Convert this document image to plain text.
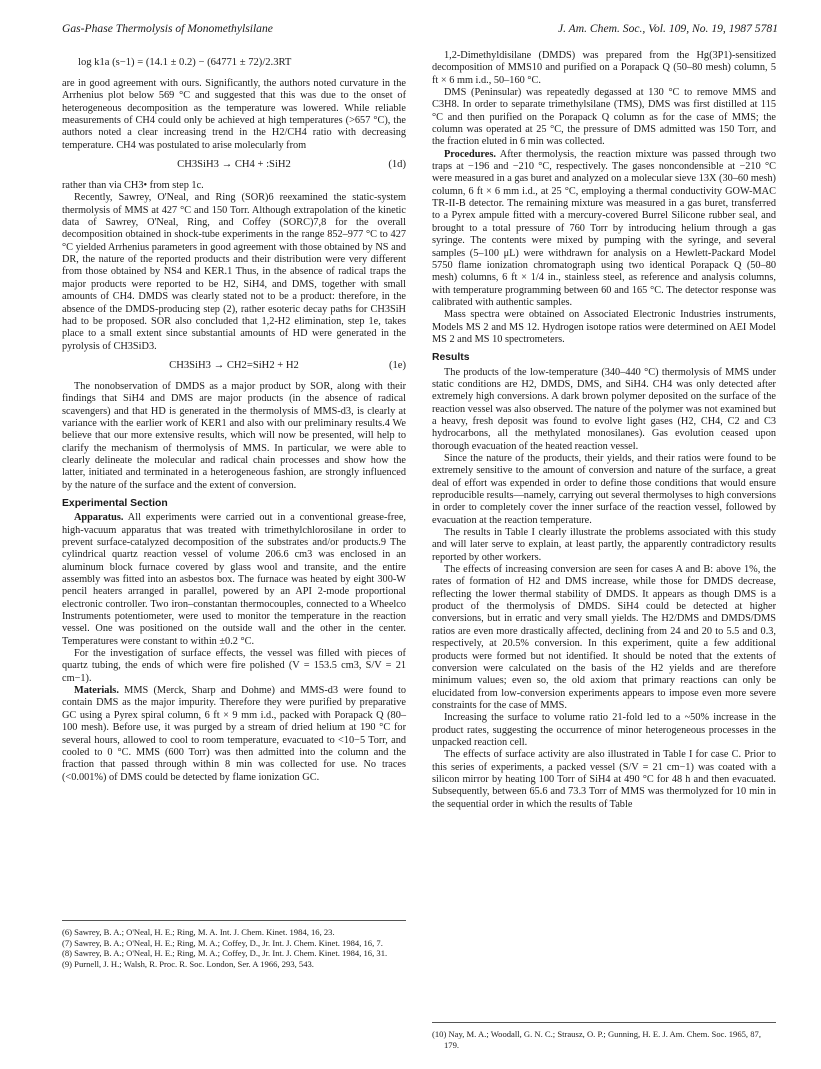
Gas-Phase Thermolysis of Monomethylsilane	J. Am. Chem. Soc., Vol. 109, No. 19, 1987 5781
log k1a (s−1) = (14.1 ± 0.2) − (64771 ± 72)/2.3RT

are in good agreement with ours. Significantly, the authors noted curvature in the Arrhenius plot below 569 °C and suggested that this was due to the onset of heterogeneous decomposition as the temperature was lowered. While reliable measurements of CH4 could only be achieved at high temperatures (>657 °C), the authors noted a clear increasing trend in the H2/CH4 ratio with decreasing temperature. CH4 was postulated to arise molecularly from

CH3SiH3 → CH4 + :SiH2	(1d)

rather than via CH3• from step 1c.

Recently, Sawrey, O'Neal, and Ring (SOR)6 reexamined the static-system thermolysis of MMS at 427 °C and 150 Torr. Although extrapolation of the kinetic data of Sawrey, O'Neal, Ring, and Coffey (SORC)7,8 for the overall decomposition obtained in shock-tube experiments in the range 852–977 °C to 427 °C yielded Arrhenius parameters in good agreement with those obtained by NS and DR, the nature of the reported products and their distribution were very different from those obtained by NS4 and KER.1 Thus, in the absence of radical traps the major products were reported to be H2, SiH4, and DMS, together with small amounts of CH4. DMDS was clearly stated not to be a product: therefore, in the absence of the DMDS-producing step (2), rather esoteric decay paths for CH3SiH had to be proposed. SOR also concluded that 1,2-H2 elimination, step 1e, takes place to a small extent since substantial amounts of HD were generated in the pyrolysis of CH3SiD3.

CH3SiH3 → CH2=SiH2 + H2	(1e)

The nonobservation of DMDS as a major product by SOR, along with their findings that SiH4 and DMS are major products (in the absence of radical scavengers) and that HD is generated in the thermolysis of MMS-d3, is clearly at variance with the earlier work of KER1 and also with our preliminary results.4 We believe that our more extensive results, which will now be presented, will help to clarify the mechanism of thermolysis of MMS. In particular, we were able to clearly delineate the molecular and radical chain processes and show how the latter, initiated and terminated in a heterogeneous fashion, are strongly influenced by the nature of the surface and the extent of conversion.

Experimental Section

Apparatus. All experiments were carried out in a conventional grease-free, high-vacuum apparatus that was treated with trimethylchlorosilane in order to prevent surface-catalyzed decomposition of the substrates and/or products.9 The cylindrical quartz reaction vessel of volume 206.6 cm3 was enclosed in an aluminum block furnace covered by glass wool and transite, and the entire assembly was fitted into an asbestos box. The furnace was heated by eight 300-W pencil heaters arranged in parallel, powered by an API 2-mode proportional electronic controller. Two iron–constantan thermocouples, connected to a Wheelco Instruments potentiometer, were used to monitor the temperature in the reaction vessel. One was positioned on the outside wall and the other in the center. Temperatures were constant to within ±0.2 °C.

For the investigation of surface effects, the vessel was filled with pieces of quartz tubing, the ends of which were fire polished (V = 153.5 cm3, S/V = 21 cm−1).

Materials. MMS (Merck, Sharp and Dohme) and MMS-d3 were found to contain DMS as the major impurity. Therefore they were purified by preparative GC using a Pyrex spiral column, 6 ft × 9 mm i.d., packed with Porapack Q (80–100 mesh). Before use, it was purged by a stream of dried helium at 190 °C for several hours, allowed to cool to room temperature, evacuated to <10−5 Torr, and cooled to 0 °C. MMS (600 Torr) was then admitted into the column and the fraction that passed through within 8 min was collected for use. No traces (<0.001%) of DMS could be detected by flame ionization GC.

1,2-Dimethyldisilane (DMDS) was prepared from the Hg(3P1)-sensitized decomposition of MMS10 and purified on a Porapack Q (50–80 mesh) column, 5 ft × 6 mm i.d., 50–160 °C.

DMS (Peninsular) was repeatedly degassed at 130 °C to remove MMS and C3H8. In order to separate trimethylsilane (TMS), DMS was first distilled at 115 °C and then purified on the Porapack Q column as for the case of MMS; the column was operated at 25 °C, the pressure of DMS admitted was 150 Torr, and the fraction eluted in 6 min was collected.

Procedures. After thermolysis, the reaction mixture was passed through two traps at −196 and −210 °C, respectively. The gases noncondensible at −210 °C were measured in a gas buret and analyzed on a molecular sieve 13X (30–60 mesh) column, 6 ft × 6 mm i.d., at 25 °C, employing a thermal conductivity GOW-MAC TR-II-B detector. The remaining mixture was measured in a gas buret, transferred to a Pyrex ampule fitted with a mercury-covered Burrel Silicone rubber seal, and brought to a total pressure of 760 Torr by introducing helium through a gas syringe. The contents were mixed by pumping with the syringe, and several samples (5–100 μL) were withdrawn for analysis on a Hewlett-Packard Model 5750 flame ionization chromatograph using two identical Porapack Q (50–80 mesh) columns, 6 ft × 1/4 in., stainless steel, as reference and analysis columns, with temperature programming between 60 and 165 °C. The detector response was calibrated with authentic samples.

Mass spectra were obtained on Associated Electronic Industries instruments, Models MS 2 and MS 12. Hydrogen isotope ratios were determined on AEI Model MS 2 and MS 10 spectrometers.

Results

The products of the low-temperature (340–440 °C) thermolysis of MMS under static conditions are H2, DMDS, DMS, and SiH4. CH4 was only detected after extremely high conversions. A dark brown polymer deposited on the surface of the reaction vessel was also observed. The nature of the polymer was not examined but a heavy, fresh deposit was found to evolve light gases (H2, CH4, C2 and C3 hydrocarbons, all the methylated monosilanes). Gas evolution ceased upon thorough evacuation of the heated reaction vessel.

Since the nature of the products, their yields, and their ratios were found to be extremely sensitive to the amount of conversion and nature of the surface, a great deal of effort was expended in order to define those conditions that would ensure reproducible results—namely, carrying out several thermolyses to high conversions in order to completely cover the inner surface of the reaction vessel, followed by evacuation at the reaction temperature.

The results in Table I clearly illustrate the problems associated with this study and will later serve to explain, at least partly, the apparently contradictory results reported by other workers.

The effects of increasing conversion are seen for cases A and B: above 1%, the rates of formation of H2 and DMS increase, while those for DMDS decrease, reflecting the lower thermal stability of DMDS. It appears as though DMS is a product of the thermolysis of DMDS. SiH4 could be detected at higher conversions, but in erratic and very small yields. The H2/DMS and DMDS/DMS ratios are even more drastically affected, declining from 24 and 20 to 5.5 and 0.3, respectively, at 20.5% conversion. In this experiment, quite a few additional products were formed but not identified. It should be noted that the extents of conversion were calculated on the basis of the H2 yields and are therefore minimum values; even so, the old axiom that primary reactions can only be elucidated from low-conversion experiments appears to impose even more severe constraints for the case of MMS.

Increasing the surface to volume ratio 21-fold led to a ~50% increase in the product rates, suggesting the occurrence of minor heterogeneous processes in the unpacked reaction cell.

The effects of surface activity are also illustrated in Table I for case C. Prior to this series of experiments, a packed vessel (S/V = 21 cm−1) was coated with a silicon mirror by heating 100 Torr of SiH4 at 490 °C for 48 h and then evacuated. Subsequently, between 65.6 and 73.3 Torr of MMS was thermolyzed for 10 min in the sequential order in which the results of Table

(6) Sawrey, B. A.; O'Neal, H. E.; Ring, M. A. Int. J. Chem. Kinet. 1984, 16, 23.

(7) Sawrey, B. A.; O'Neal, H. E.; Ring, M. A.; Coffey, D., Jr. Int. J. Chem. Kinet. 1984, 16, 7.

(8) Sawrey, B. A.; O'Neal, H. E.; Ring, M. A.; Coffey, D., Jr. Int. J. Chem. Kinet. 1984, 16, 31.

(9) Purnell, J. H.; Walsh, R. Proc. R. Soc. London, Ser. A 1966, 293, 543.

(10) Nay, M. A.; Woodall, G. N. C.; Strausz, O. P.; Gunning, H. E. J. Am. Chem. Soc. 1965, 87, 179.
